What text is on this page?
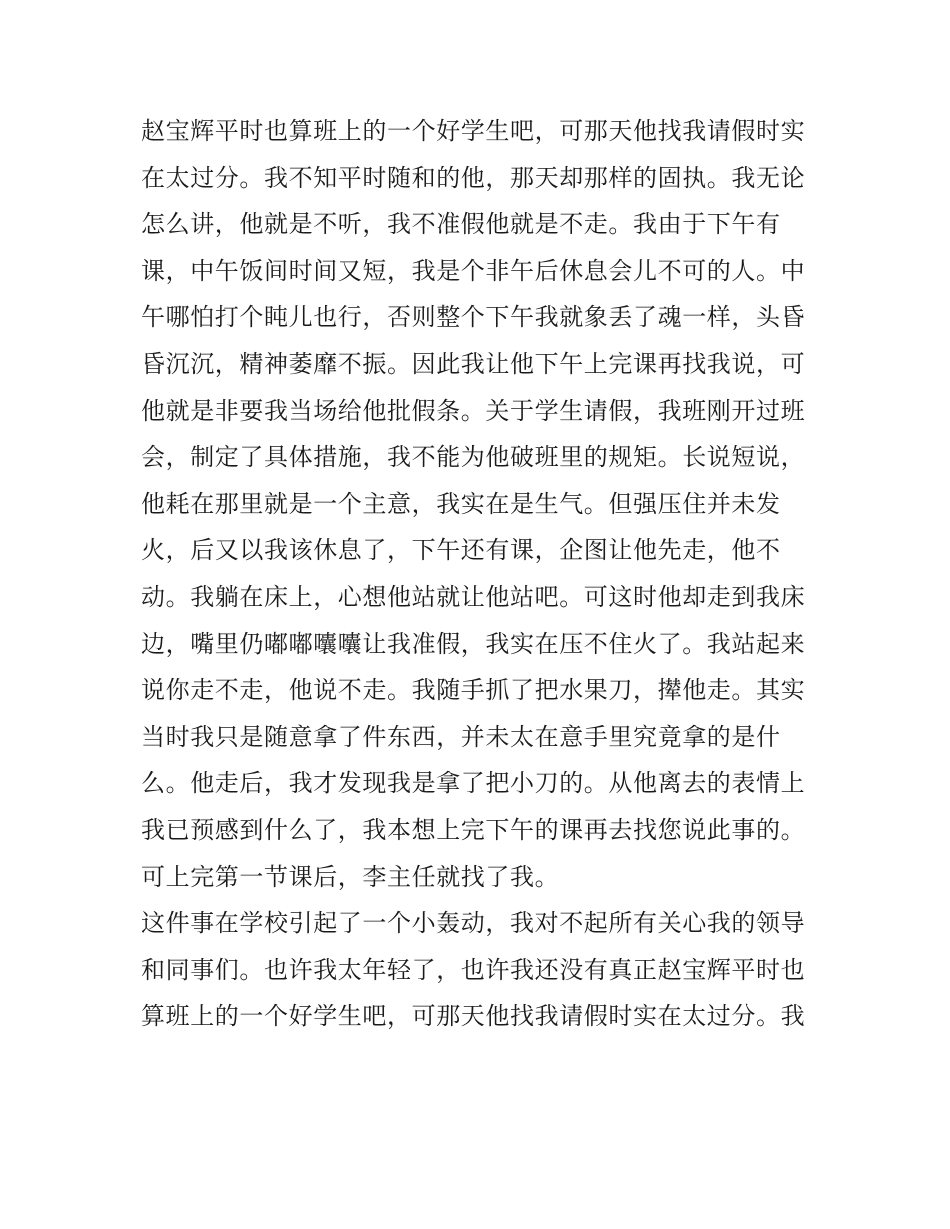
赵宝辉平时也算班上的一个好学生吧，可那天他找我请假时实
在太过分。我不知平时随和的他，那天却那样的固执。我无论
怎么讲，他就是不听，我不准假他就是不走。我由于下午有
课，中午饭间时间又短，我是个非午后休息会儿不可的人。中
午哪怕打个盹儿也行，否则整个下午我就象丢了魂一样，头昏
昏沉沉，精神萎靡不振。因此我让他下午上完课再找我说，可
他就是非要我当场给他批假条。关于学生请假，我班刚开过班
会，制定了具体措施，我不能为他破班里的规矩。长说短说，
他耗在那里就是一个主意，我实在是生气。但强压住并未发
火，后又以我该休息了，下午还有课，企图让他先走，他不
动。我躺在床上，心想他站就让他站吧。可这时他却走到我床
边，嘴里仍嘟嘟囔囔让我准假，我实在压不住火了。我站起来
说你走不走，他说不走。我随手抓了把水果刀，撵他走。其实
当时我只是随意拿了件东西，并未太在意手里究竟拿的是什
么。他走后，我才发现我是拿了把小刀的。从他离去的表情上
我已预感到什么了，我本想上完下午的课再去找您说此事的。
可上完第一节课后，李主任就找了我。
这件事在学校引起了一个小轰动，我对不起所有关心我的领导
和同事们。也许我太年轻了，也许我还没有真正赵宝辉平时也
算班上的一个好学生吧，可那天他找我请假时实在太过分。我
